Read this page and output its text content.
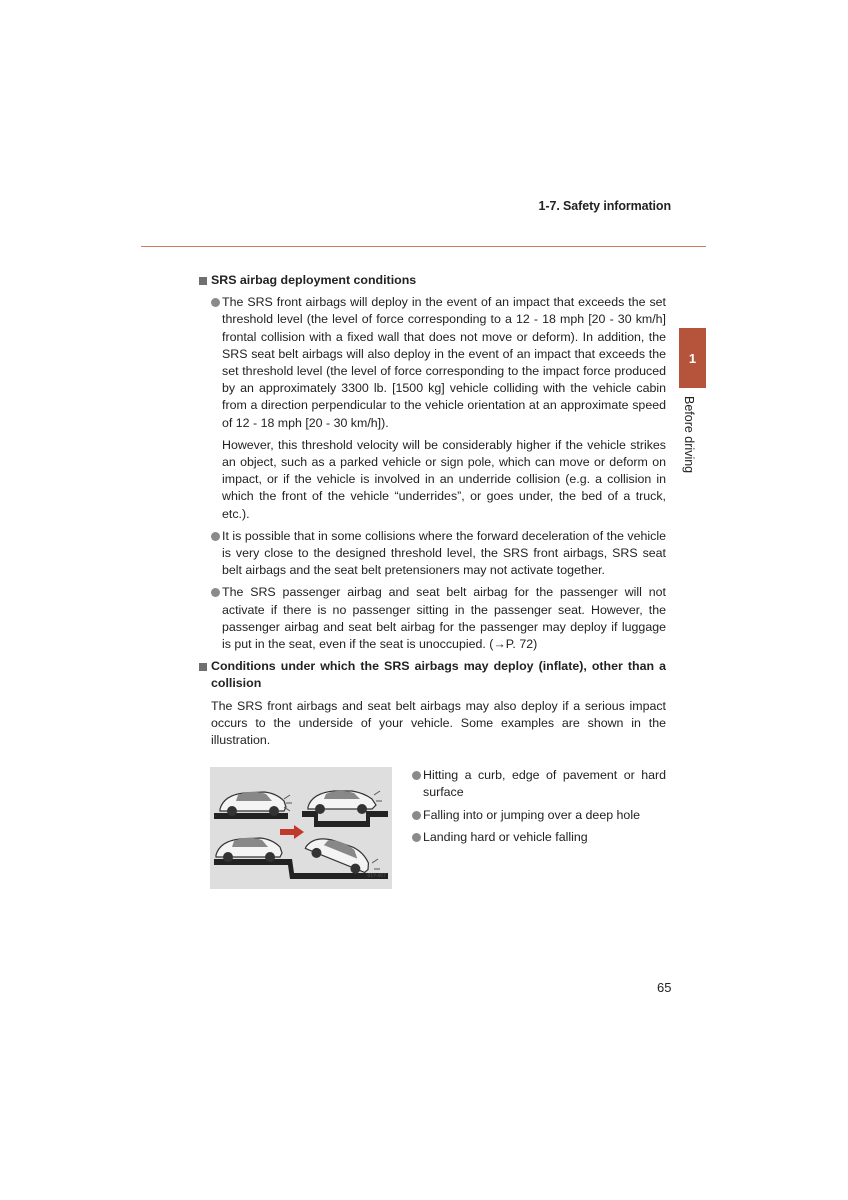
1-7. Safety information
1
Before driving
SRS airbag deployment conditions
The SRS front airbags will deploy in the event of an impact that exceeds the set threshold level (the level of force corresponding to a 12 - 18 mph [20 - 30 km/h] frontal collision with a fixed wall that does not move or deform). In addition, the SRS seat belt airbags will also deploy in the event of an impact that exceeds the set threshold level (the level of force corresponding to the impact force produced by an approximately 3300 lb. [1500 kg] vehicle colliding with the vehicle cabin from a direction perpendicular to the vehicle orientation at an approximate speed of 12 - 18 mph [20 - 30 km/h]).

However, this threshold velocity will be considerably higher if the vehicle strikes an object, such as a parked vehicle or sign pole, which can move or deform on impact, or if the vehicle is involved in an underride collision (e.g. a collision in which the front of the vehicle “underrides”, or goes under, the bed of a truck, etc.).

It is possible that in some collisions where the forward deceleration of the vehicle is very close to the designed threshold level, the SRS front airbags, SRS seat belt airbags and the seat belt pretensioners may not activate together.
The SRS passenger airbag and seat belt airbag for the passenger will not activate if there is no passenger sitting in the passenger seat. However, the passenger airbag and seat belt airbag for the passenger may deploy if luggage is put in the seat, even if the seat is unoccupied. (→P. 72)
Conditions under which the SRS airbags may deploy (inflate), other than a collision

The SRS front airbags and seat belt airbags may also deploy if a serious impact occurs to the underside of your vehicle. Some examples are shown in the illustration.

01Y-007
Hitting a curb, edge of pavement or hard surface
Falling into or jumping over a deep hole
Landing hard or vehicle falling
65
